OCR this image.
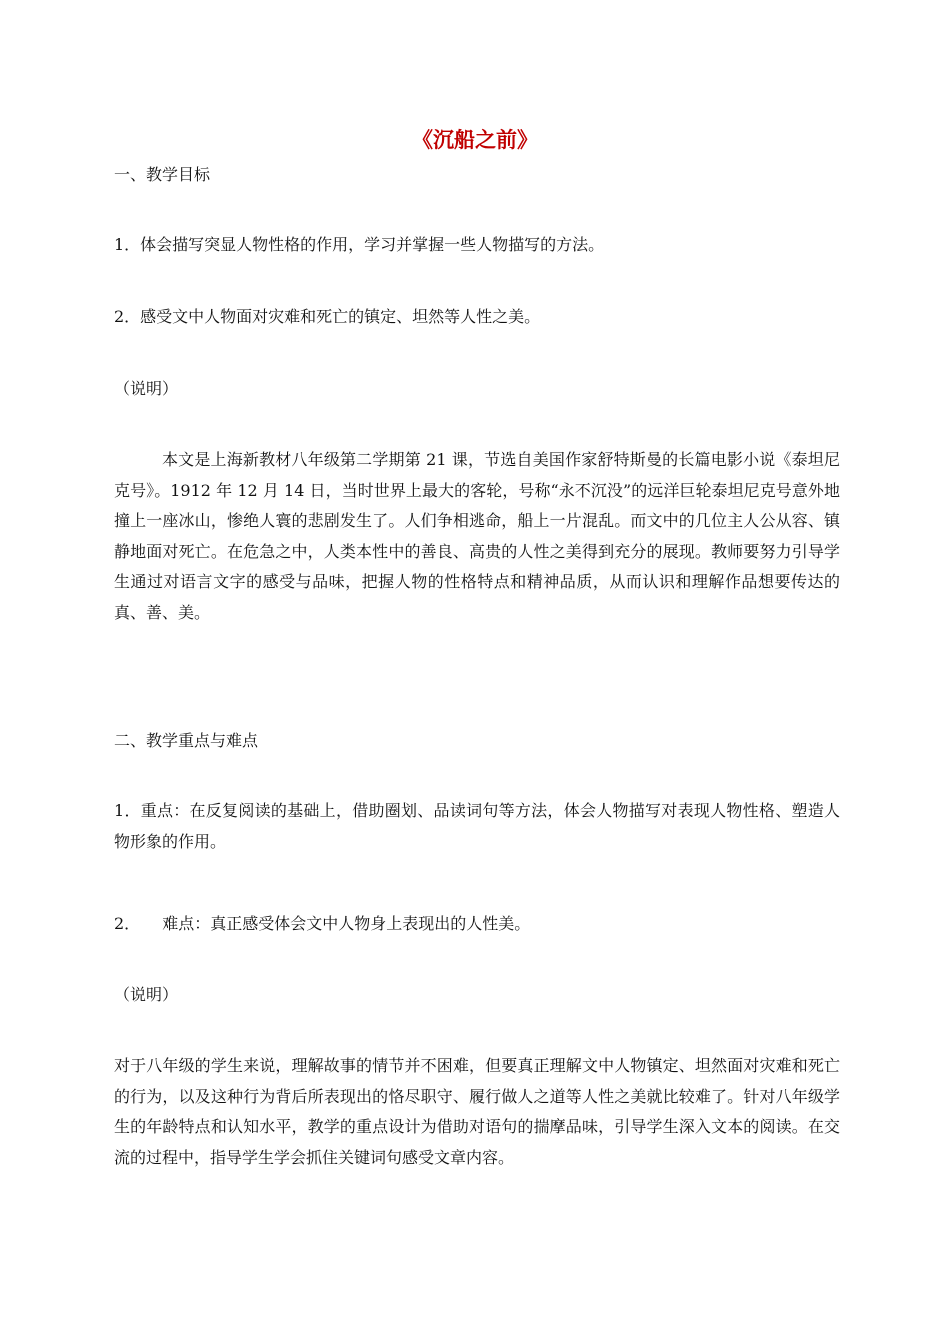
《沉船之前》
一、教学目标
1．体会描写突显人物性格的作用，学习并掌握一些人物描写的方法。
2．感受文中人物面对灾难和死亡的镇定、坦然等人性之美。
（说明）
本文是上海新教材八年级第二学期第 21 课，节选自美国作家舒特斯曼的长篇电影小说《泰坦尼克号》。1912 年 12 月 14 日，当时世界上最大的客轮，号称“永不沉没”的远洋巨轮泰坦尼克号意外地撞上一座冰山，惨绝人寰的悲剧发生了。人们争相逃命，船上一片混乱。而文中的几位主人公从容、镇静地面对死亡。在危急之中，人类本性中的善良、高贵的人性之美得到充分的展现。教师要努力引导学生通过对语言文字的感受与品味，把握人物的性格特点和精神品质，从而认识和理解作品想要传达的真、善、美。
二、教学重点与难点
1．重点：在反复阅读的基础上，借助圈划、品读词句等方法，体会人物描写对表现人物性格、塑造人物形象的作用。
2． 难点：真正感受体会文中人物身上表现出的人性美。
（说明）
对于八年级的学生来说，理解故事的情节并不困难，但要真正理解文中人物镇定、坦然面对灾难和死亡的行为，以及这种行为背后所表现出的恪尽职守、履行做人之道等人性之美就比较难了。针对八年级学生的年龄特点和认知水平，教学的重点设计为借助对语句的揣摩品味，引导学生深入文本的阅读。在交流的过程中，指导学生学会抓住关键词句感受文章内容。
